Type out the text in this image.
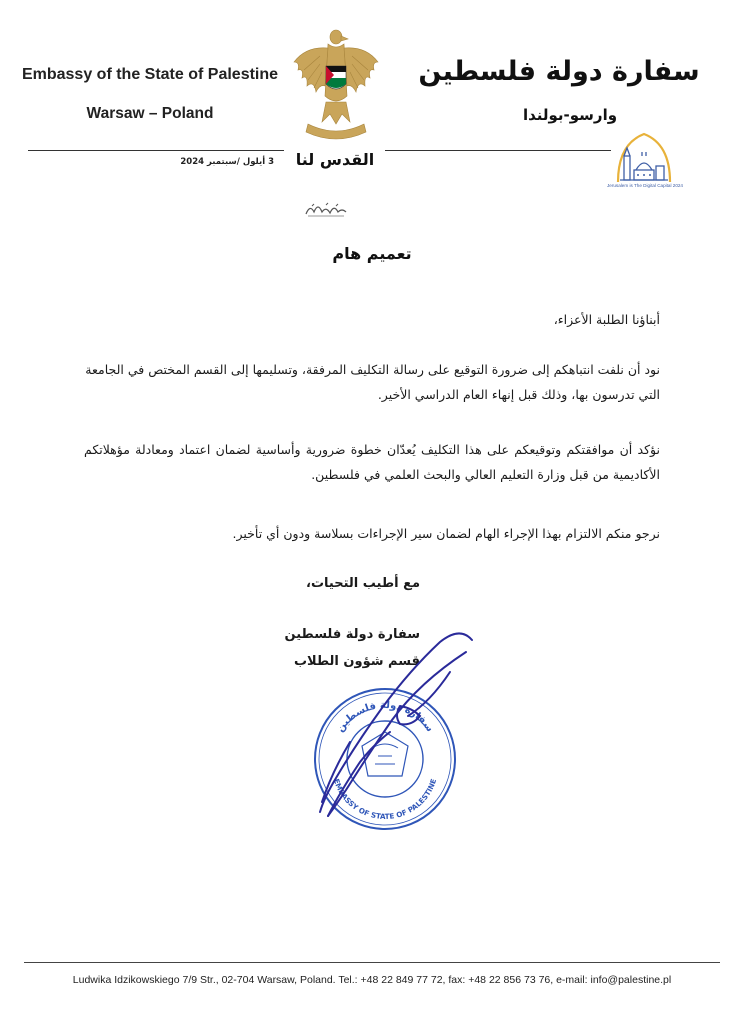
Embassy of the State of Palestine
Warsaw – Poland
سفارة دولة فلسطين
وارسو-بولندا
3 أيلول /سبتمبر 2024	القدس لنا
Jerusalem is The Digital Capital 2024
تعميم هام
أبناؤنا الطلبة الأعزاء،
نود أن نلفت انتباهكم إلى ضرورة التوقيع على رسالة التكليف المرفقة، وتسليمها إلى القسم المختص في الجامعة التي تدرسون بها، وذلك قبل إنهاء العام الدراسي الأخير.
نؤكد أن موافقتكم وتوقيعكم على هذا التكليف يُعدّان خطوة ضرورية وأساسية لضمان اعتماد ومعادلة مؤهلاتكم الأكاديمية من قبل وزارة التعليم العالي والبحث العلمي في فلسطين.
نرجو منكم الالتزام بهذا الإجراء الهام لضمان سير الإجراءات بسلاسة ودون أي تأخير.
مع أطيب التحيات،
سفارة دولة فلسطين
قسم شؤون الطلاب
سفارة دولة فلسطين
EMBASSY OF STATE OF PALESTINE
Ludwika Idzikowskiego 7/9 Str., 02-704 Warsaw, Poland. Tel.: +48 22 849 77 72, fax: +48 22 856 73 76, e-mail: info@palestine.pl
